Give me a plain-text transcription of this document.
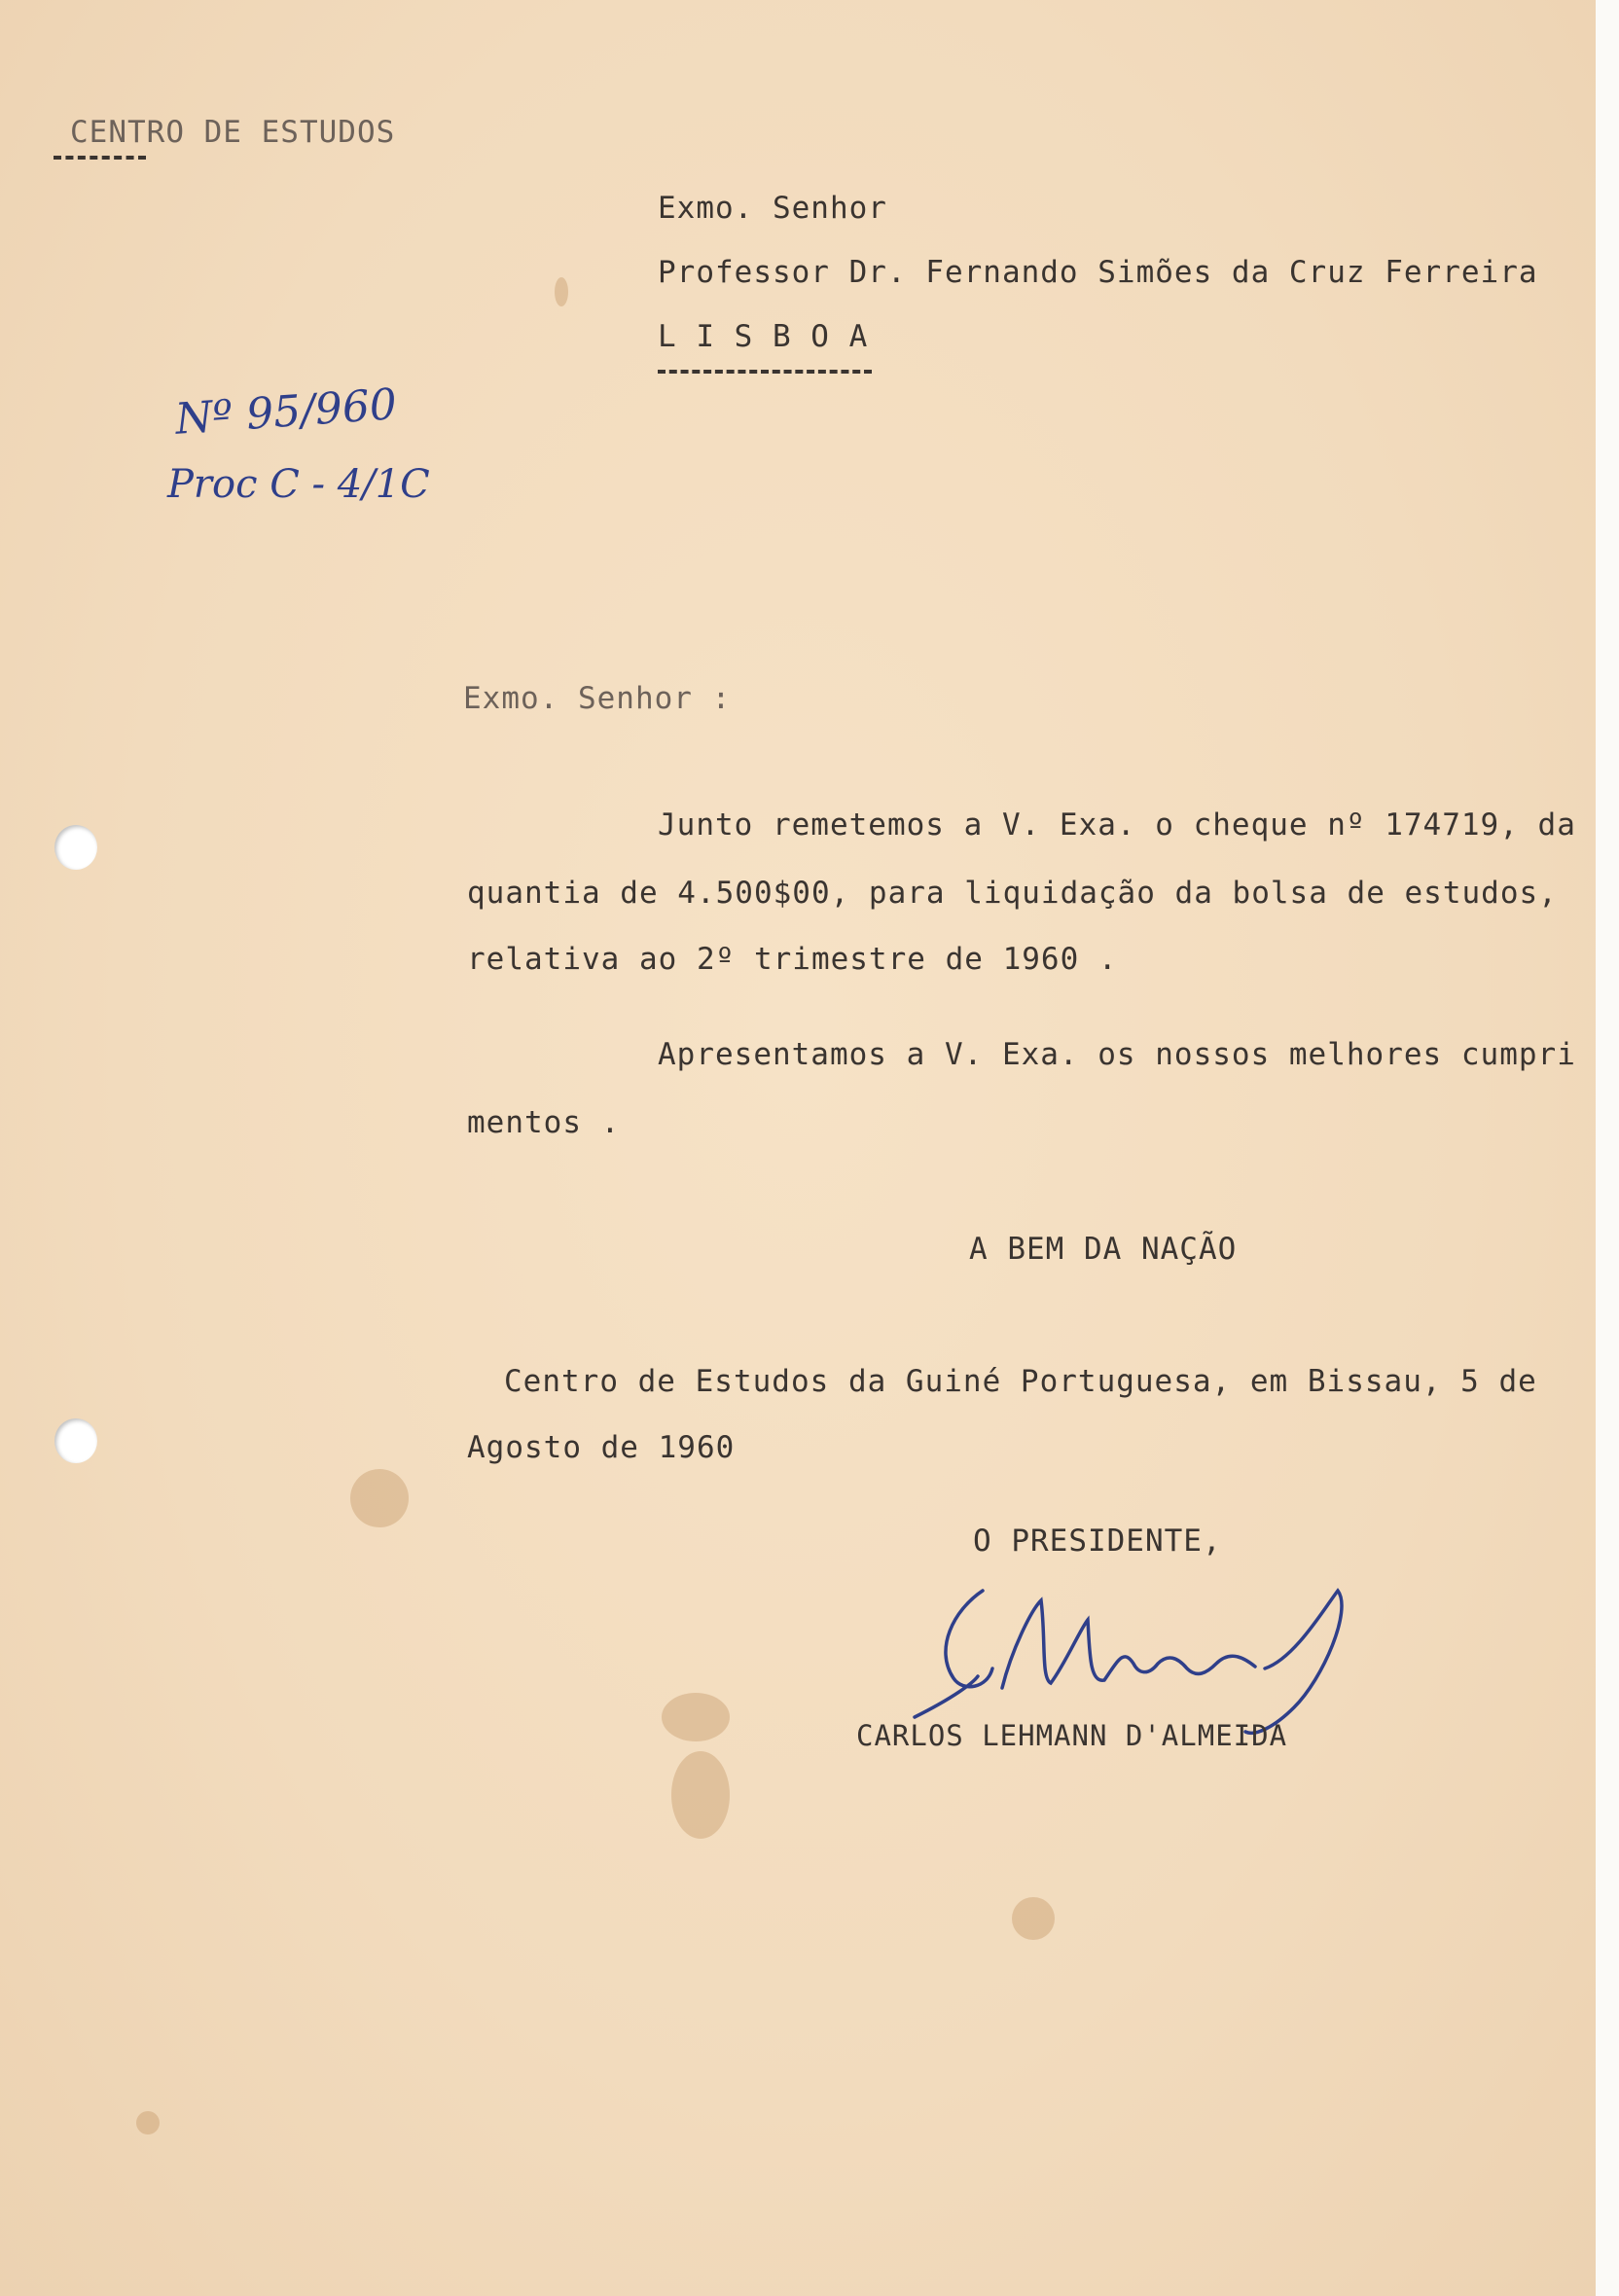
CENTRO DE ESTUDOS
Exmo. Senhor
Professor Dr. Fernando Simões da Cruz Ferreira
L I S B O A
Nº 95/960
Proc C - 4/1C
Exmo. Senhor :
Junto remetemos a V. Exa. o cheque nº 174719, da
quantia de 4.500$00, para liquidação da bolsa de estudos,
relativa ao 2º trimestre de 1960 .
Apresentamos a V. Exa. os nossos melhores cumpri
mentos .
A BEM DA NAÇÃO
Centro de Estudos da Guiné Portuguesa, em Bissau, 5 de
Agosto de 1960
O PRESIDENTE,
CARLOS LEHMANN D'ALMEIDA
